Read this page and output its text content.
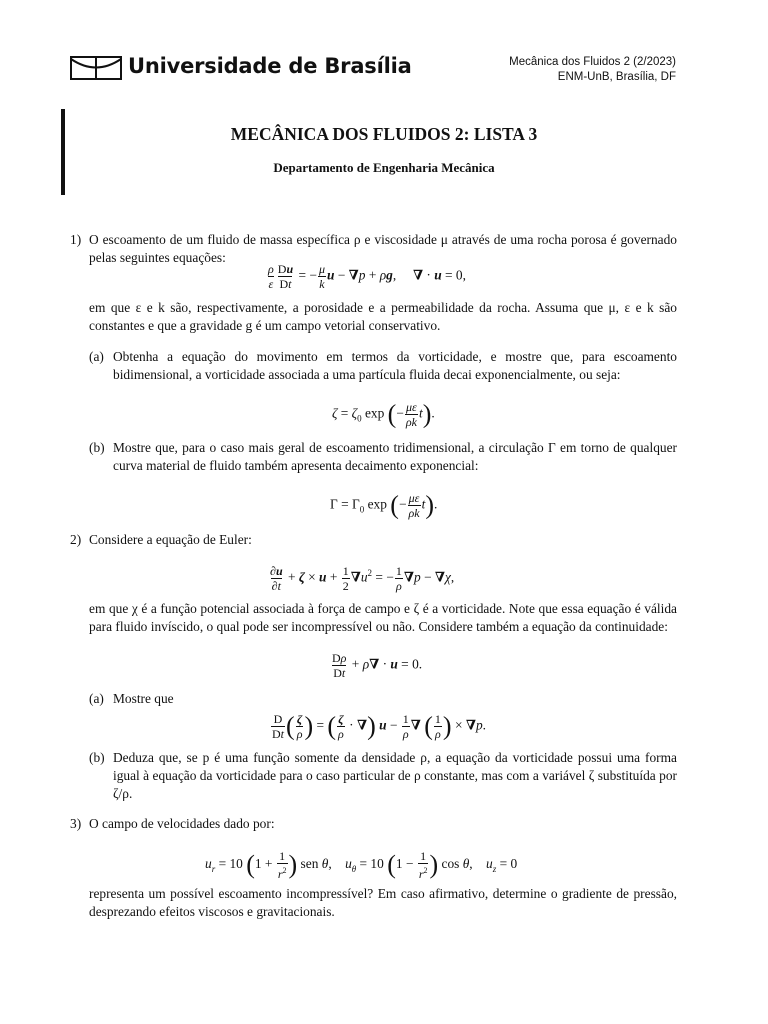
Universidade de Brasília	Mecânica dos Fluidos 2 (2/2023)
ENM-UnB, Brasília, DF
MECÂNICA DOS FLUIDOS 2: LISTA 3
Departamento de Engenharia Mecânica
1) O escoamento de um fluido de massa específica ρ e viscosidade μ através de uma rocha porosa é governado pelas seguintes equações:
$\frac{\rho}{\varepsilon} \frac{Du}{Dt}$ = − $\frac{\mu}{k}$ u − ∇p + ρg,     ∇ · u = 0,
em que ε e k são, respectivamente, a porosidade e a permeabilidade da rocha. Assuma que μ, ε e k são constantes e que a gravidade g é um campo vetorial conservativo.
(a) Obtenha a equação do movimento em termos da vorticidade, e mostre que, para escoamento bidimensional, a vorticidade associada a uma partícula fluida decai exponencialmente, ou seja:
$\zeta = \zeta_0$ exp (− $\frac{\mu\varepsilon}{\rho k} t$).
(b) Mostre que, para o caso mais geral de escoamento tridimensional, a circulação Γ em torno de qualquer curva material de fluido também apresenta decaimento exponencial:
$\Gamma = \Gamma_0$ exp (− $\frac{\mu\varepsilon}{\rho k} t$).
2) Considere a equação de Euler:
$\frac{\partial u}{\partial t} + \zeta \times u + \frac{1}{2} \nabla u^2$ = − $\frac{1}{\rho} \nabla p - \nabla\chi$,
em que χ é a função potencial associada à força de campo e ζ é a vorticidade. Note que essa equação é válida para fluido invíscido, o qual pode ser incompressível ou não. Considere também a equação da continuidade:
$\frac{D\rho}{Dt} + \rho\nabla \cdot u = 0$.
(a) Mostre que
$\frac{D}{Dt}$ ( $\frac{\zeta}{\rho}$ ) = ( $\frac{\zeta}{\rho}$ · ∇) $u - \frac{1}{\rho}$ ∇ ( $\frac{1}{\rho}$ ) × ∇p.
(b) Deduza que, se p é uma função somente da densidade ρ, a equação da vorticidade possui uma forma igual à equação da vorticidade para o caso particular de ρ constante, mas com a variável ζ substituída por ζ/ρ.
3) O campo de velocidades dado por:
$u_r = 10$ ($1 + \frac{1}{r^2}$ ) sen θ,    $u_\theta = 10$ ($1 - \frac{1}{r^2}$ ) cos θ,    $u_z = 0$
representa um possível escoamento incompressível? Em caso afirmativo, determine o gradiente de pressão, desprezando efeitos viscosos e gravitacionais.
